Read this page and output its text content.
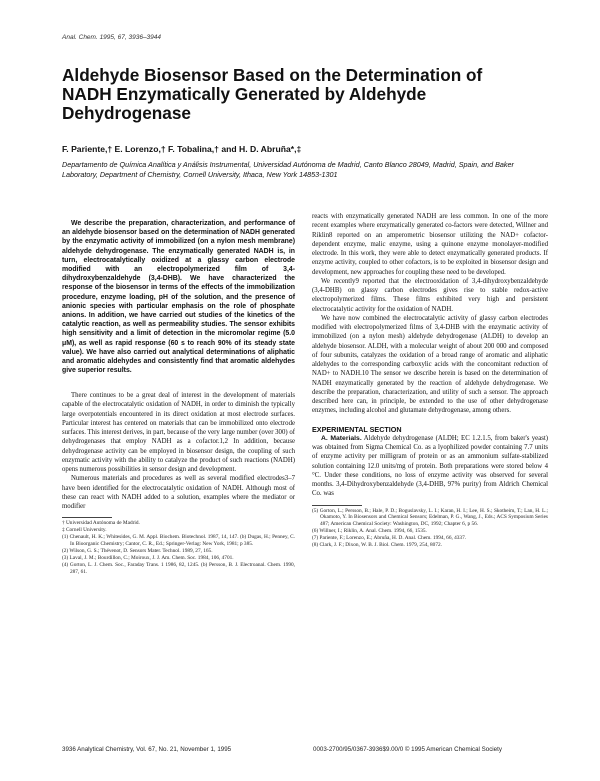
Anal. Chem. 1995, 67, 3936–3944
Aldehyde Biosensor Based on the Determination of NADH Enzymatically Generated by Aldehyde Dehydrogenase
F. Pariente,† E. Lorenzo,† F. Tobalina,† and H. D. Abruña*,‡
Departamento de Química Analítica y Análisis Instrumental, Universidad Autónoma de Madrid, Canto Blanco 28049, Madrid, Spain, and Baker Laboratory, Department of Chemistry, Cornell University, Ithaca, New York 14853-1301

We describe the preparation, characterization, and performance of an aldehyde biosensor based on the determination of NADH generated by the enzymatic activity of immobilized (on a nylon mesh membrane) aldehyde dehydrogenase. The enzymatically generated NADH is, in turn, electrocatalytically oxidized at a glassy carbon electrode modified with an electropolymerized film of 3,4-dihydroxybenzaldehyde (3,4-DHB). We have characterized the response of the biosensor in terms of the effects of the immobilization procedure, enzyme loading, pH of the solution, and the presence of anionic species with particular emphasis on the role of phosphate anions. In addition, we have carried out studies of the kinetics of the catalytic reaction, as well as permeability studies. The sensor exhibits high sensitivity and a limit of detection in the micromolar regime (5.0 μM), as well as rapid response (60 s to reach 90% of its steady state value). We have also carried out analytical determinations of aliphatic and aromatic aldehydes and consistently find that aromatic aldehydes give superior results.

There continues to be a great deal of interest in the development of materials capable of the electrocatalytic oxidation of NADH, in order to diminish the typically large overpotentials encountered in its direct oxidation at most electrode surfaces. Particular interest has centered on materials that can be immobilized onto electrode surfaces. This interest derives, in part, because of the very large number (over 300) of dehydrogenases that employ NADH as a cofactor.1,2 In addition, because dehydrogenase activity can be employed in biosensor design, the coupling of such enzymatic activity with the ability to catalyze the product of such reactions (NADH) opens numerous possibilities in sensor design and development.

Numerous materials and procedures as well as several modified electrodes3–7 have been identified for the electrocatalytic oxidation of NADH. Although most of these can react with NADH added to a solution, examples where the mediator or modifier

† Universidad Autónoma de Madrid.

‡ Cornell University.

(1) Chenault, H. K.; Whitesides, G. M. Appl. Biochem. Biotechnol. 1987, 14, 147. (b) Dugas, H.; Penney, C. In Bioorganic Chemistry; Cantor, C. R., Ed.; Springer-Verlag: New York, 1981; p 385.

(2) Wilson, G. S.; Thévenot, D. Sensors Mater. Technol. 1989, 27, 165.

(3) Laval, J. M.; Bourdillon, C.; Moiroux, J. J. Am. Chem. Soc. 1984, 106, 4701.

(4) Gorton, L. J. Chem. Soc., Faraday Trans. 1 1986, 82, 1245. (b) Persson, B. J. Electroanal. Chem. 1990, 287, 61.

reacts with enzymatically generated NADH are less common. In one of the more recent examples where enzymatically generated co-factors were detected, Willner and Riklin8 reported on an amperometric biosensor utilizing the NAD+ cofactor-dependent enzyme, malic enzyme, using a quinone enzyme monolayer-modified electrode. In this work, they were able to detect enzymatically generated products. If enzyme activity, coupled to other cofactors, is to be exploited in biosensor design and development, new approaches for coupling these need to be developed.

We recently9 reported that the electrooxidation of 3,4-dihydroxybenzaldehyde (3,4-DHB) on glassy carbon electrodes gives rise to stable redox-active electropolymerized films. These films exhibited very high and persistent electrocatalytic activity for the oxidation of NADH.

We have now combined the electrocatalytic activity of glassy carbon electrodes modified with electropolymerized films of 3,4-DHB with the enzymatic activity of immobilized (on a nylon mesh) aldehyde dehydrogenase (ALDH) to develop an aldehyde biosensor. ALDH, with a molecular weight of about 200 000 and composed of four subunits, catalyzes the oxidation of a broad range of aromatic and aliphatic aldehydes to the corresponding carboxylic acids with the concomitant reduction of NAD+ to NADH.10 The sensor we describe herein is based on the determination of NADH enzymatically generated by the reaction of aldehyde dehydrogenase. We describe the preparation, characterization, and utility of such a sensor. The approach described here can, in principle, be extended to the use of other dehydrogenase enzymes, including alcohol and glutamate dehydrogenase, among others.

EXPERIMENTAL SECTION

A. Materials. Aldehyde dehydrogenase (ALDH; EC 1.2.1.5, from baker's yeast) was obtained from Sigma Chemical Co. as a lyophilized powder containing 7.7 units of enzyme activity per milligram of protein or as an ammonium sulfate-stabilized solution containing 12.0 units/mg of protein. Both preparations were stored below 4 °C. Under these conditions, no loss of enzyme activity was observed for several months. 3,4-Dihydroxybenzaldehyde (3,4-DHB, 97% purity) from Aldrich Chemical Co. was

(5) Gorton, L.; Persson, B.; Hale, P. D.; Boguslavsky, L. I.; Karan, H. I.; Lee, H. S.; Skotheim, T.; Lan, H. L.; Okamoto, Y. In Biosensors and Chemical Sensors; Edelman, P. G., Wang, J., Eds.; ACS Symposium Series 487; American Chemical Society: Washington, DC, 1992; Chapter 6, p 56.

(6) Willner, I.; Riklin, A. Anal. Chem. 1994, 66, 1535.

(7) Pariente, F.; Lorenzo, E.; Abruña, H. D. Anal. Chem. 1994, 66, 4337.

(8) Clark, J. F.; Dixon, W. B. J. Biol. Chem. 1979, 254, 8072.

3936 Analytical Chemistry, Vol. 67, No. 21, November 1, 1995	0003-2700/95/0367-3936$9.00/0 © 1995 American Chemical Society
